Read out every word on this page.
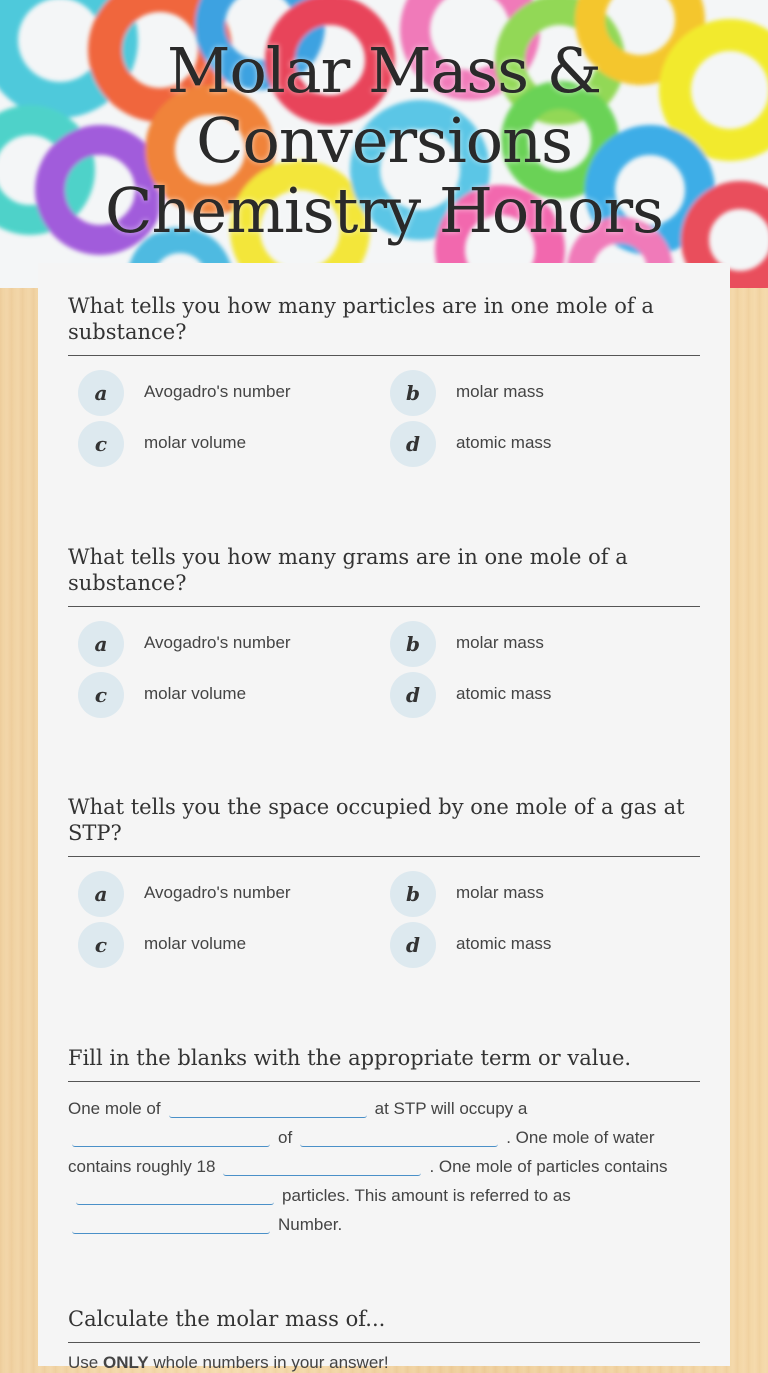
Molar Mass &
Conversions
Chemistry Honors
What tells you how many particles are in one mole of a substance?
a	Avogadro's number	b	molar mass
c	molar volume	d	atomic mass
What tells you how many grams are in one mole of a substance?
a	Avogadro's number	b	molar mass
c	molar volume	d	atomic mass
What tells you the space occupied by one mole of a gas at STP?
a	Avogadro's number	b	molar mass
c	molar volume	d	atomic mass
Fill in the blanks with the appropriate term or value.
One mole of	at STP will occupy a
of	. One mole of water contains roughly 18	. One mole of particles containsparticles. This amount is referred to as
Number.
Calculate the molar mass of...
Use ONLY whole numbers in your answer!
